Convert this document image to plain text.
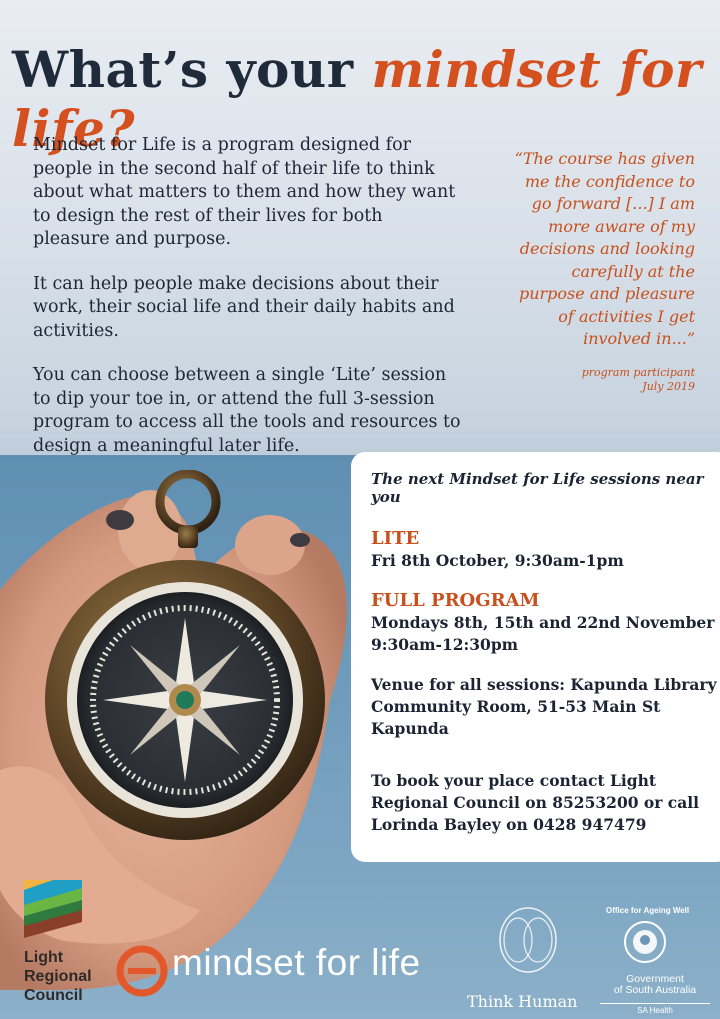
What’s your mindset for life?

Mindset for Life is a program designed for people in the second half of their life to think about what matters to them and how they want to design the rest of their lives for both pleasure and purpose.

It can help people make decisions about their work, their social life and their daily habits and activities.

You can choose between a single ‘Lite’ session to dip your toe in, or attend the full 3-session program to access all the tools and resources to design a meaningful later life.

“The course has given me the confidence to go forward [...] I am more aware of my decisions and looking carefully at the purpose and pleasure of activities I get involved in...”
program participant
July 2019
The next Mindset for Life sessions near you
LITE
Fri 8th October, 9:30am-1pm
FULL PROGRAM
Mondays 8th, 15th and 22nd November
9:30am-12:30pm
Venue for all sessions: Kapunda Library Community Room, 51-53 Main St Kapunda
To book your place contact Light Regional Council on 85253200 or call Lorinda Bayley on 0428 947479
Light
Regional
Council
mindset for life
Think Human
Office for Ageing Well
Government
of South Australia
SA Health
